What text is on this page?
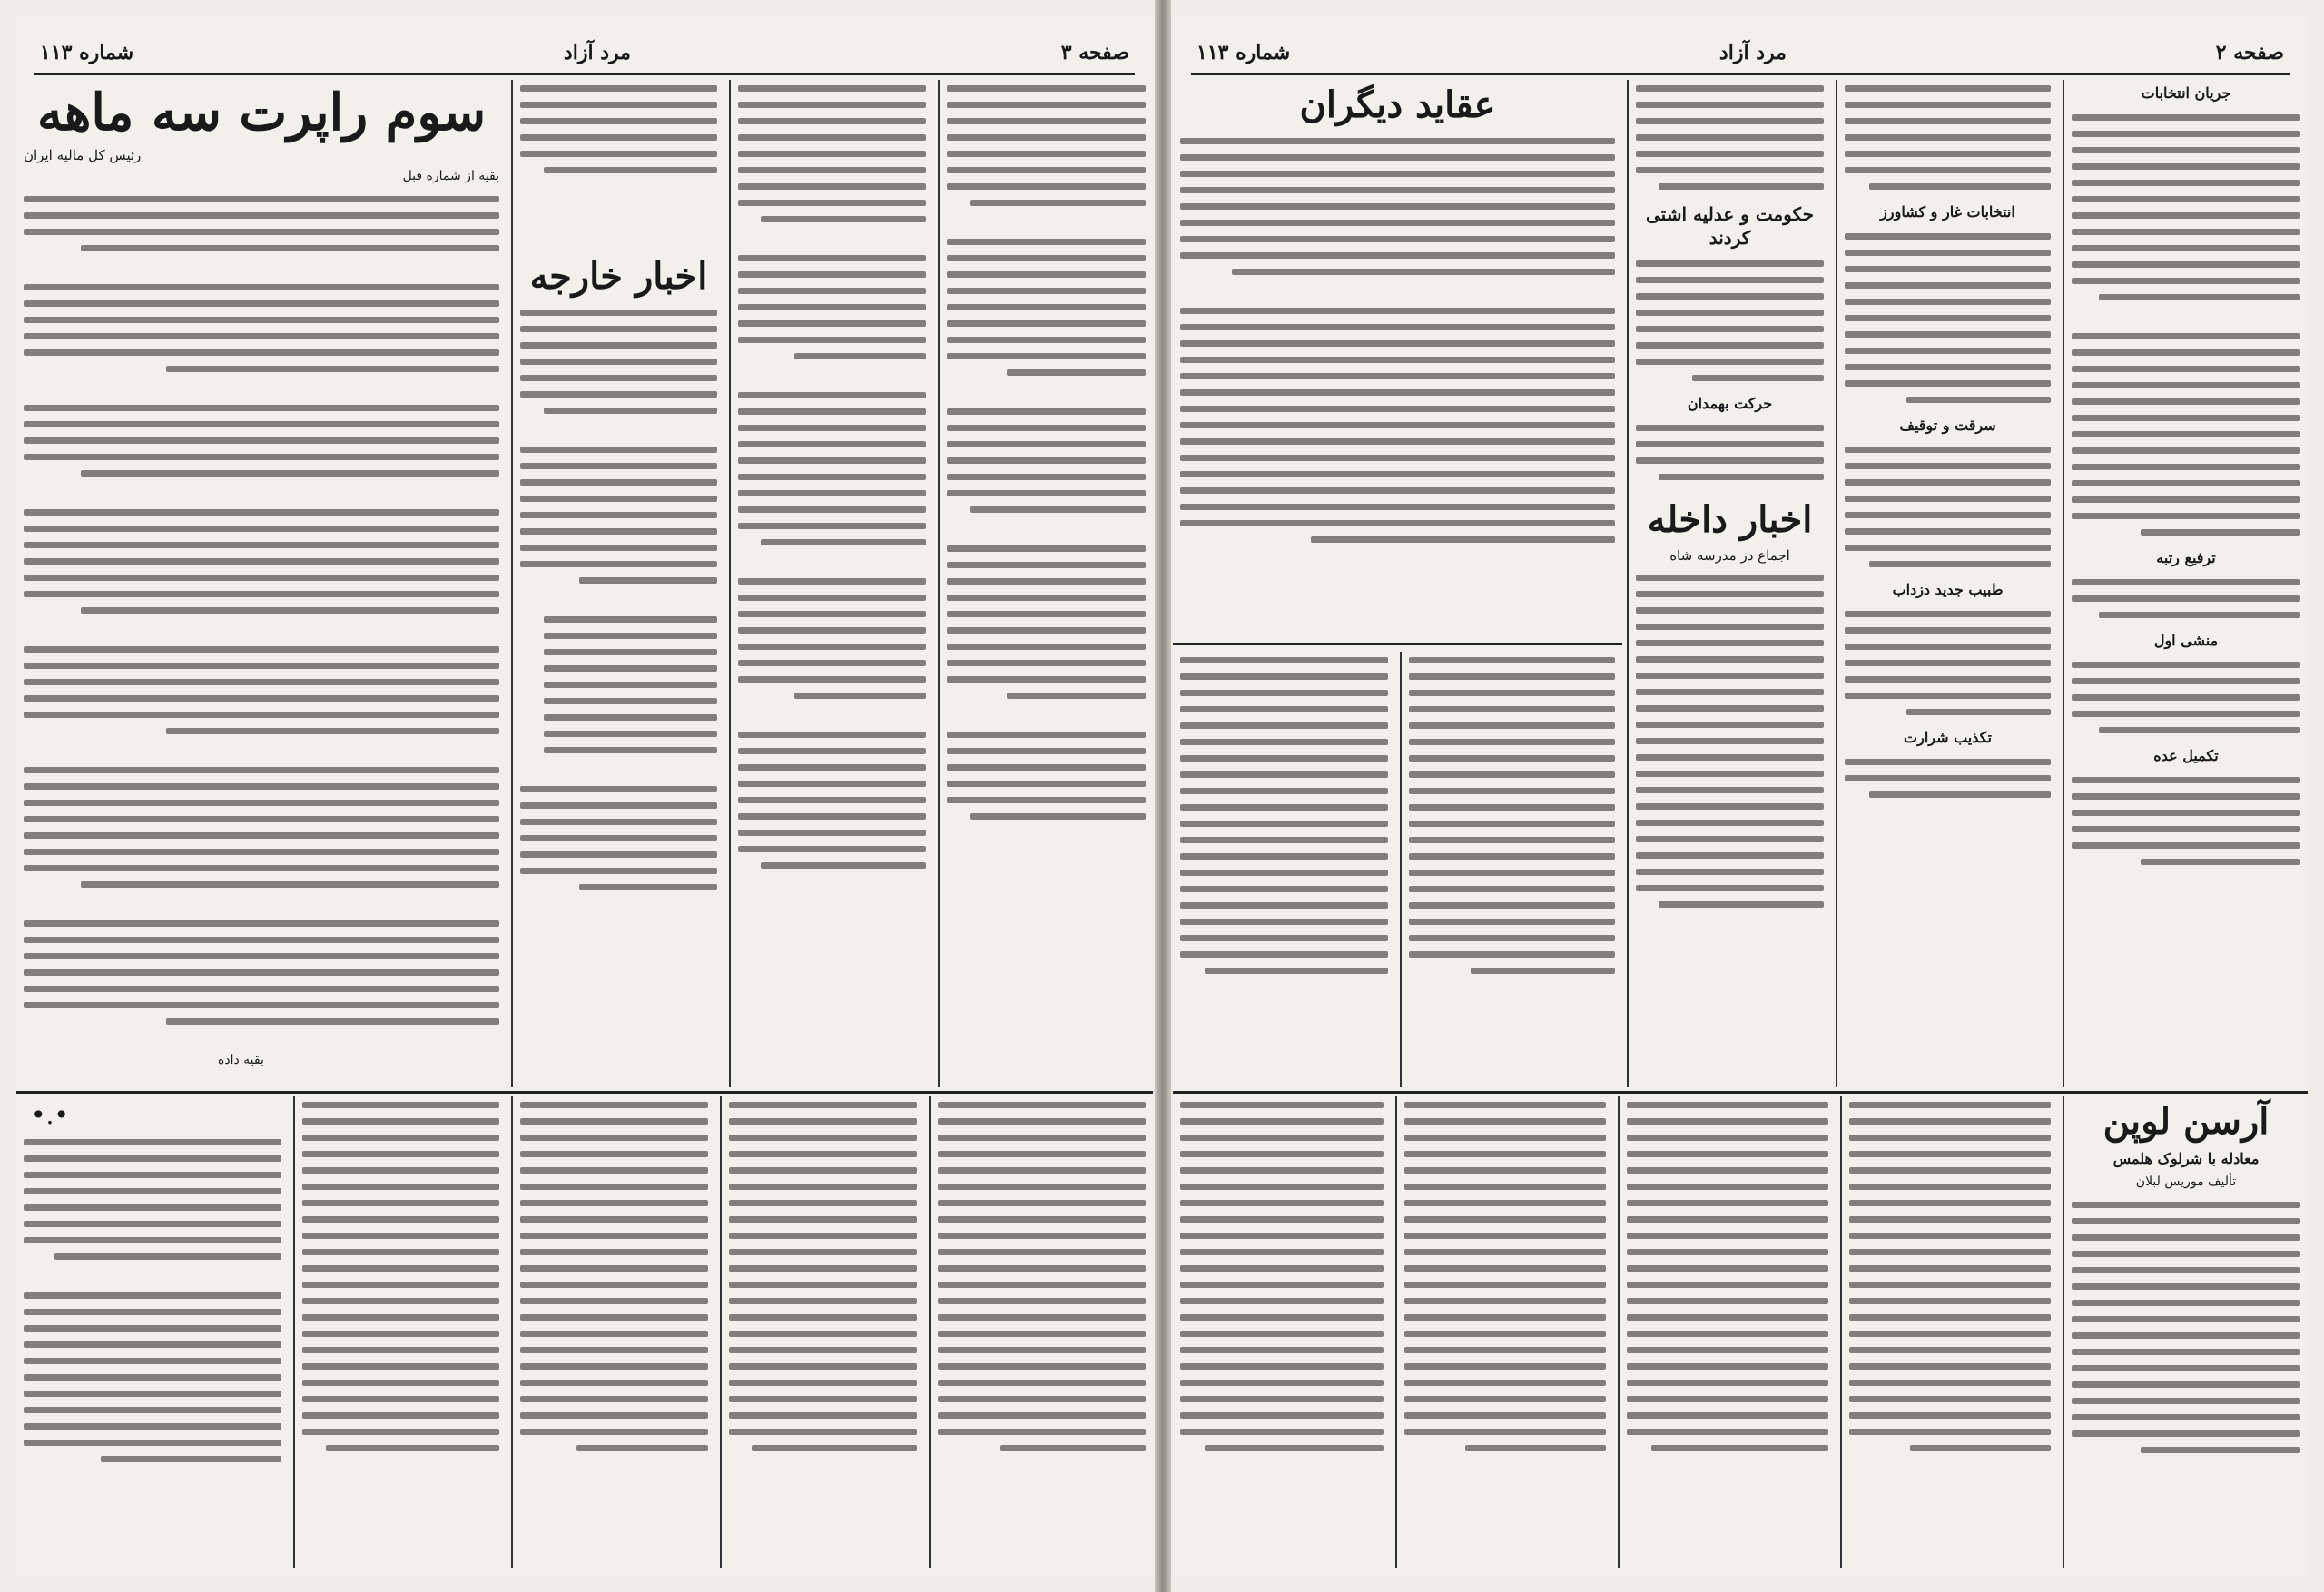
صفحه ۳
مرد آزاد
شماره ۱۱۳
سوم راپرت سه ماهه
رئیس کل مالیه ایران
بقیه از شماره قبل
اخبار خارجه
•.•
صفحه ۲
مرد آزاد
شماره ۱۱۳
عقاید دیگران
حکومت و عدلیه اشتی کردند
حرکت بهمدان
اخبار داخله
اجماع در مدرسه شاه
انتخابات غار و کشاورز
سرقت و توقیف
طبیب جدید دزداب
تکذیب شرارت
جریان انتخابات
ترفیع رتبه
منشی اول
تکمیل عده
آرسن لوپن
معادله با شرلوک هلمس
تألیف موریس لبلان
بقیه داده
